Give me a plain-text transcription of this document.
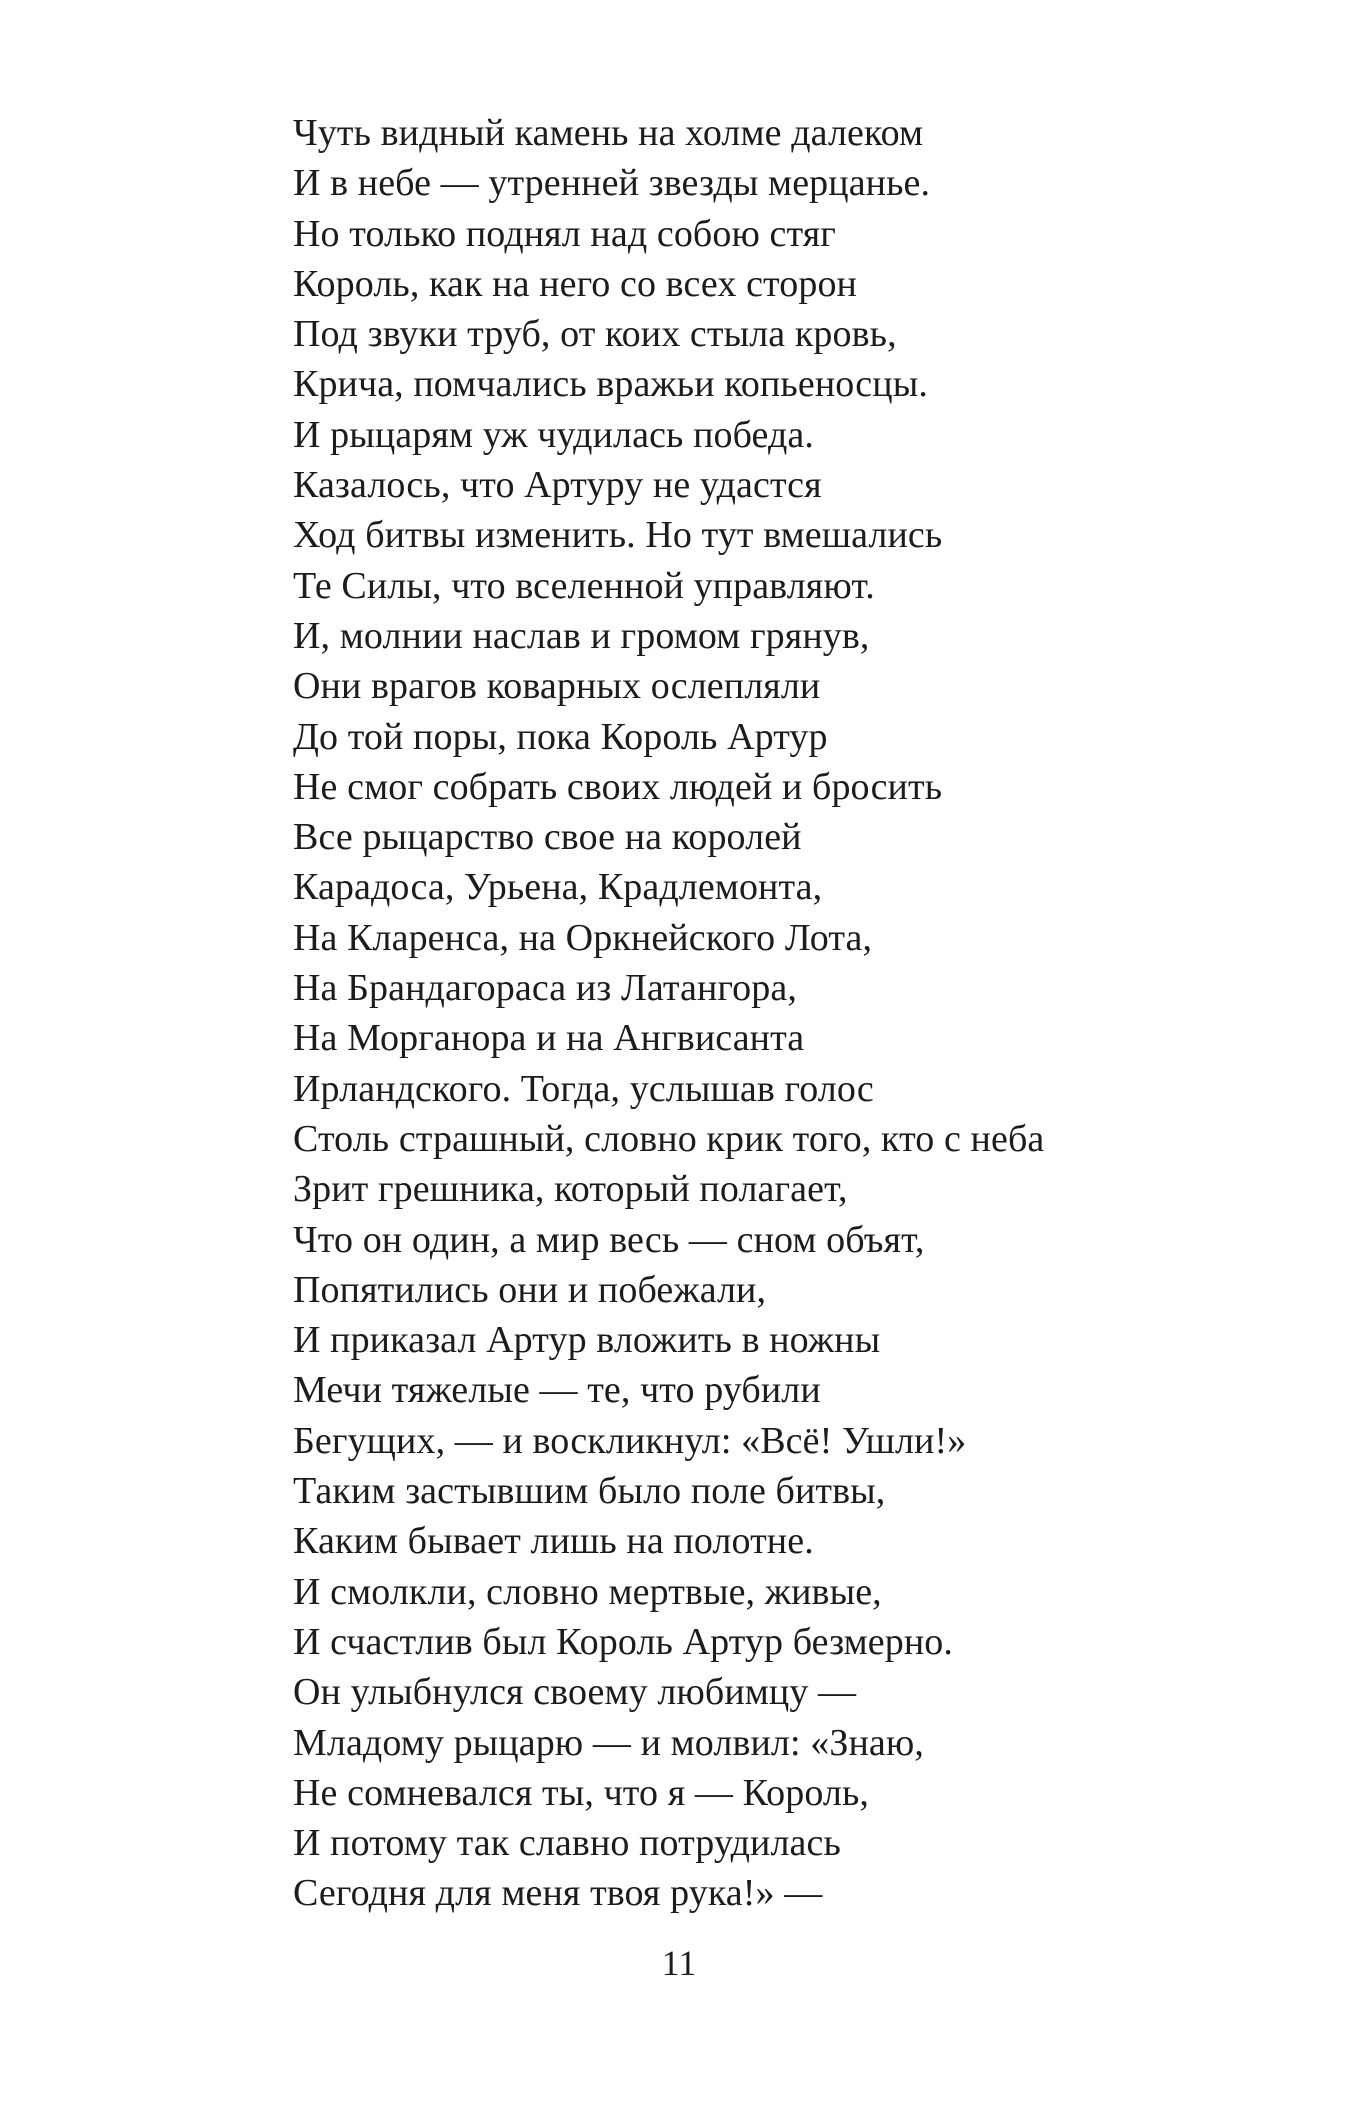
Чуть видный камень на холме далеком
И в небе — утренней звезды мерцанье.
Но только поднял над собою стяг
Король, как на него со всех сторон
Под звуки труб, от коих стыла кровь,
Крича, помчались вражьи копьеносцы.
И рыцарям уж чудилась победа.
Казалось, что Артуру не удастся
Ход битвы изменить. Но тут вмешались
Те Силы, что вселенной управляют.
И, молнии наслав и громом грянув,
Они врагов коварных ослепляли
До той поры, пока Король Артур
Не смог собрать своих людей и бросить
Все рыцарство свое на королей
Карадоса, Урьена, Крадлемонта,
На Кларенса, на Оркнейского Лота,
На Брандагораса из Латангора,
На Морганора и на Ангвисанта
Ирландского. Тогда, услышав голос
Столь страшный, словно крик того, кто с неба
Зрит грешника, который полагает,
Что он один, а мир весь — сном объят,
Попятились они и побежали,
И приказал Артур вложить в ножны
Мечи тяжелые — те, что рубили
Бегущих, — и воскликнул: «Всё! Ушли!»
Таким застывшим было поле битвы,
Каким бывает лишь на полотне.
И смолкли, словно мертвые, живые,
И счастлив был Король Артур безмерно.
Он улыбнулся своему любимцу —
Младому рыцарю — и молвил: «Знаю,
Не сомневался ты, что я — Король,
И потому так славно потрудилась
Сегодня для меня твоя рука!» —
11
